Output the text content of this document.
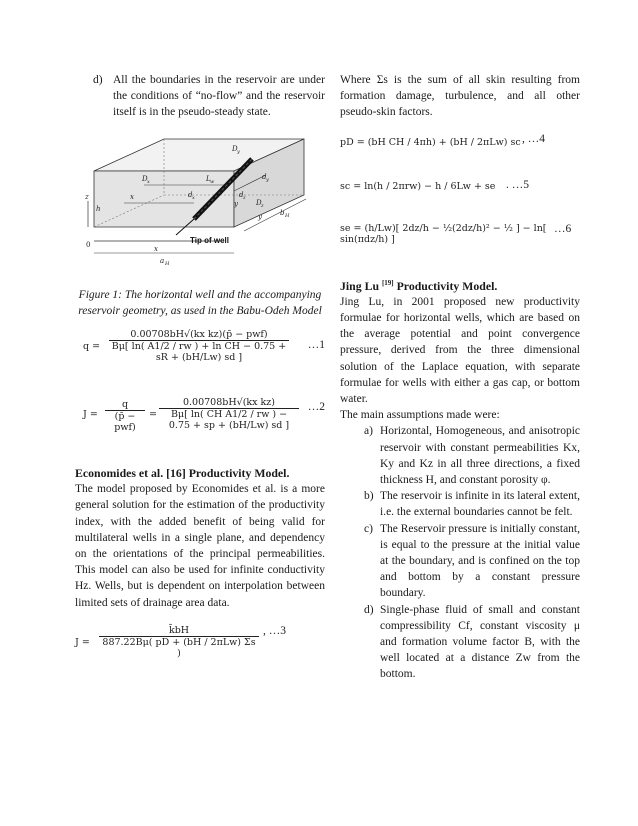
d) All the boundaries in the reservoir are under the conditions of “no-flow” and the reservoir itself is in the pseudo-steady state.
D y
D x	L w
d z
D z
d y
d x
x
y
h
z
x
y	b H
a H
0	Tip of well
Figure 1: The horizontal well and the accompanying reservoir geometry, as used in the Babu-Odeh Model
q =
0.00708bH√(kx kz)(p̄ − pwf)
Bμ[ ln( A1/2 / rw ) + ln CH − 0.75 + sR + (bH/Lw) sd ]
…1
J =
q
(p̄ − pwf)
= $\frac{\text{0.00708bH√(kx kz)}}{\text{Bμ[ ln( CH A1/2 / rw ) − 0.75 + sp + (bH/Lw) sd ]}}$ …2
Economides et al. [16] Productivity Model.

The model proposed by Economides et al. is a more general solution for the estimation of the productivity index, with the added benefit of being valid for multilateral wells in a single plane, and dependency on the orientations of the principal permeabilities. This model can also be used for infinite conductivity Hz. Wells, but is dependent on interpolation between limited sets of drainage area data.

J =
k̄bH
887.22Bμ( pD + (bH / 2πLw) Σs )
, …3

Where Σs is the sum of all skin resulting from formation damage, turbulence, and all other pseudo-skin factors.

pD = (bH CH / 4πh) + (bH / 2πLw) sc , …4
sc = ln(h / 2πrw) − h / 6Lw + se . …5
se = (h/Lw)[ 2dz/h − ½(2dz/h)² − ½ ] − ln[ sin(πdz/h) ]
…6
Jing Lu [19] Productivity Model.

Jing Lu, in 2001 proposed new productivity formulae for horizontal wells, which are based on the average potential and point convergence pressure, derived from the three dimensional solution of the Laplace equation, with separate formulae for wells with either a gas cap, or bottom water.

The main assumptions made were:
a) Horizontal, Homogeneous, and anisotropic reservoir with constant permeabilities Kx, Ky and Kz in all three directions, a fixed thickness H, and constant porosity φ.
b) The reservoir is infinite in its lateral extent, i.e. the external boundaries cannot be felt.
c) The Reservoir pressure is initially constant, is equal to the pressure at the initial value at the boundary, and is confined on the top and bottom by a constant pressure boundary.
d) Single-phase fluid of small and constant compressibility Cf, constant viscosity μ and formation volume factor B, with the well located at a distance Zw from the bottom.
